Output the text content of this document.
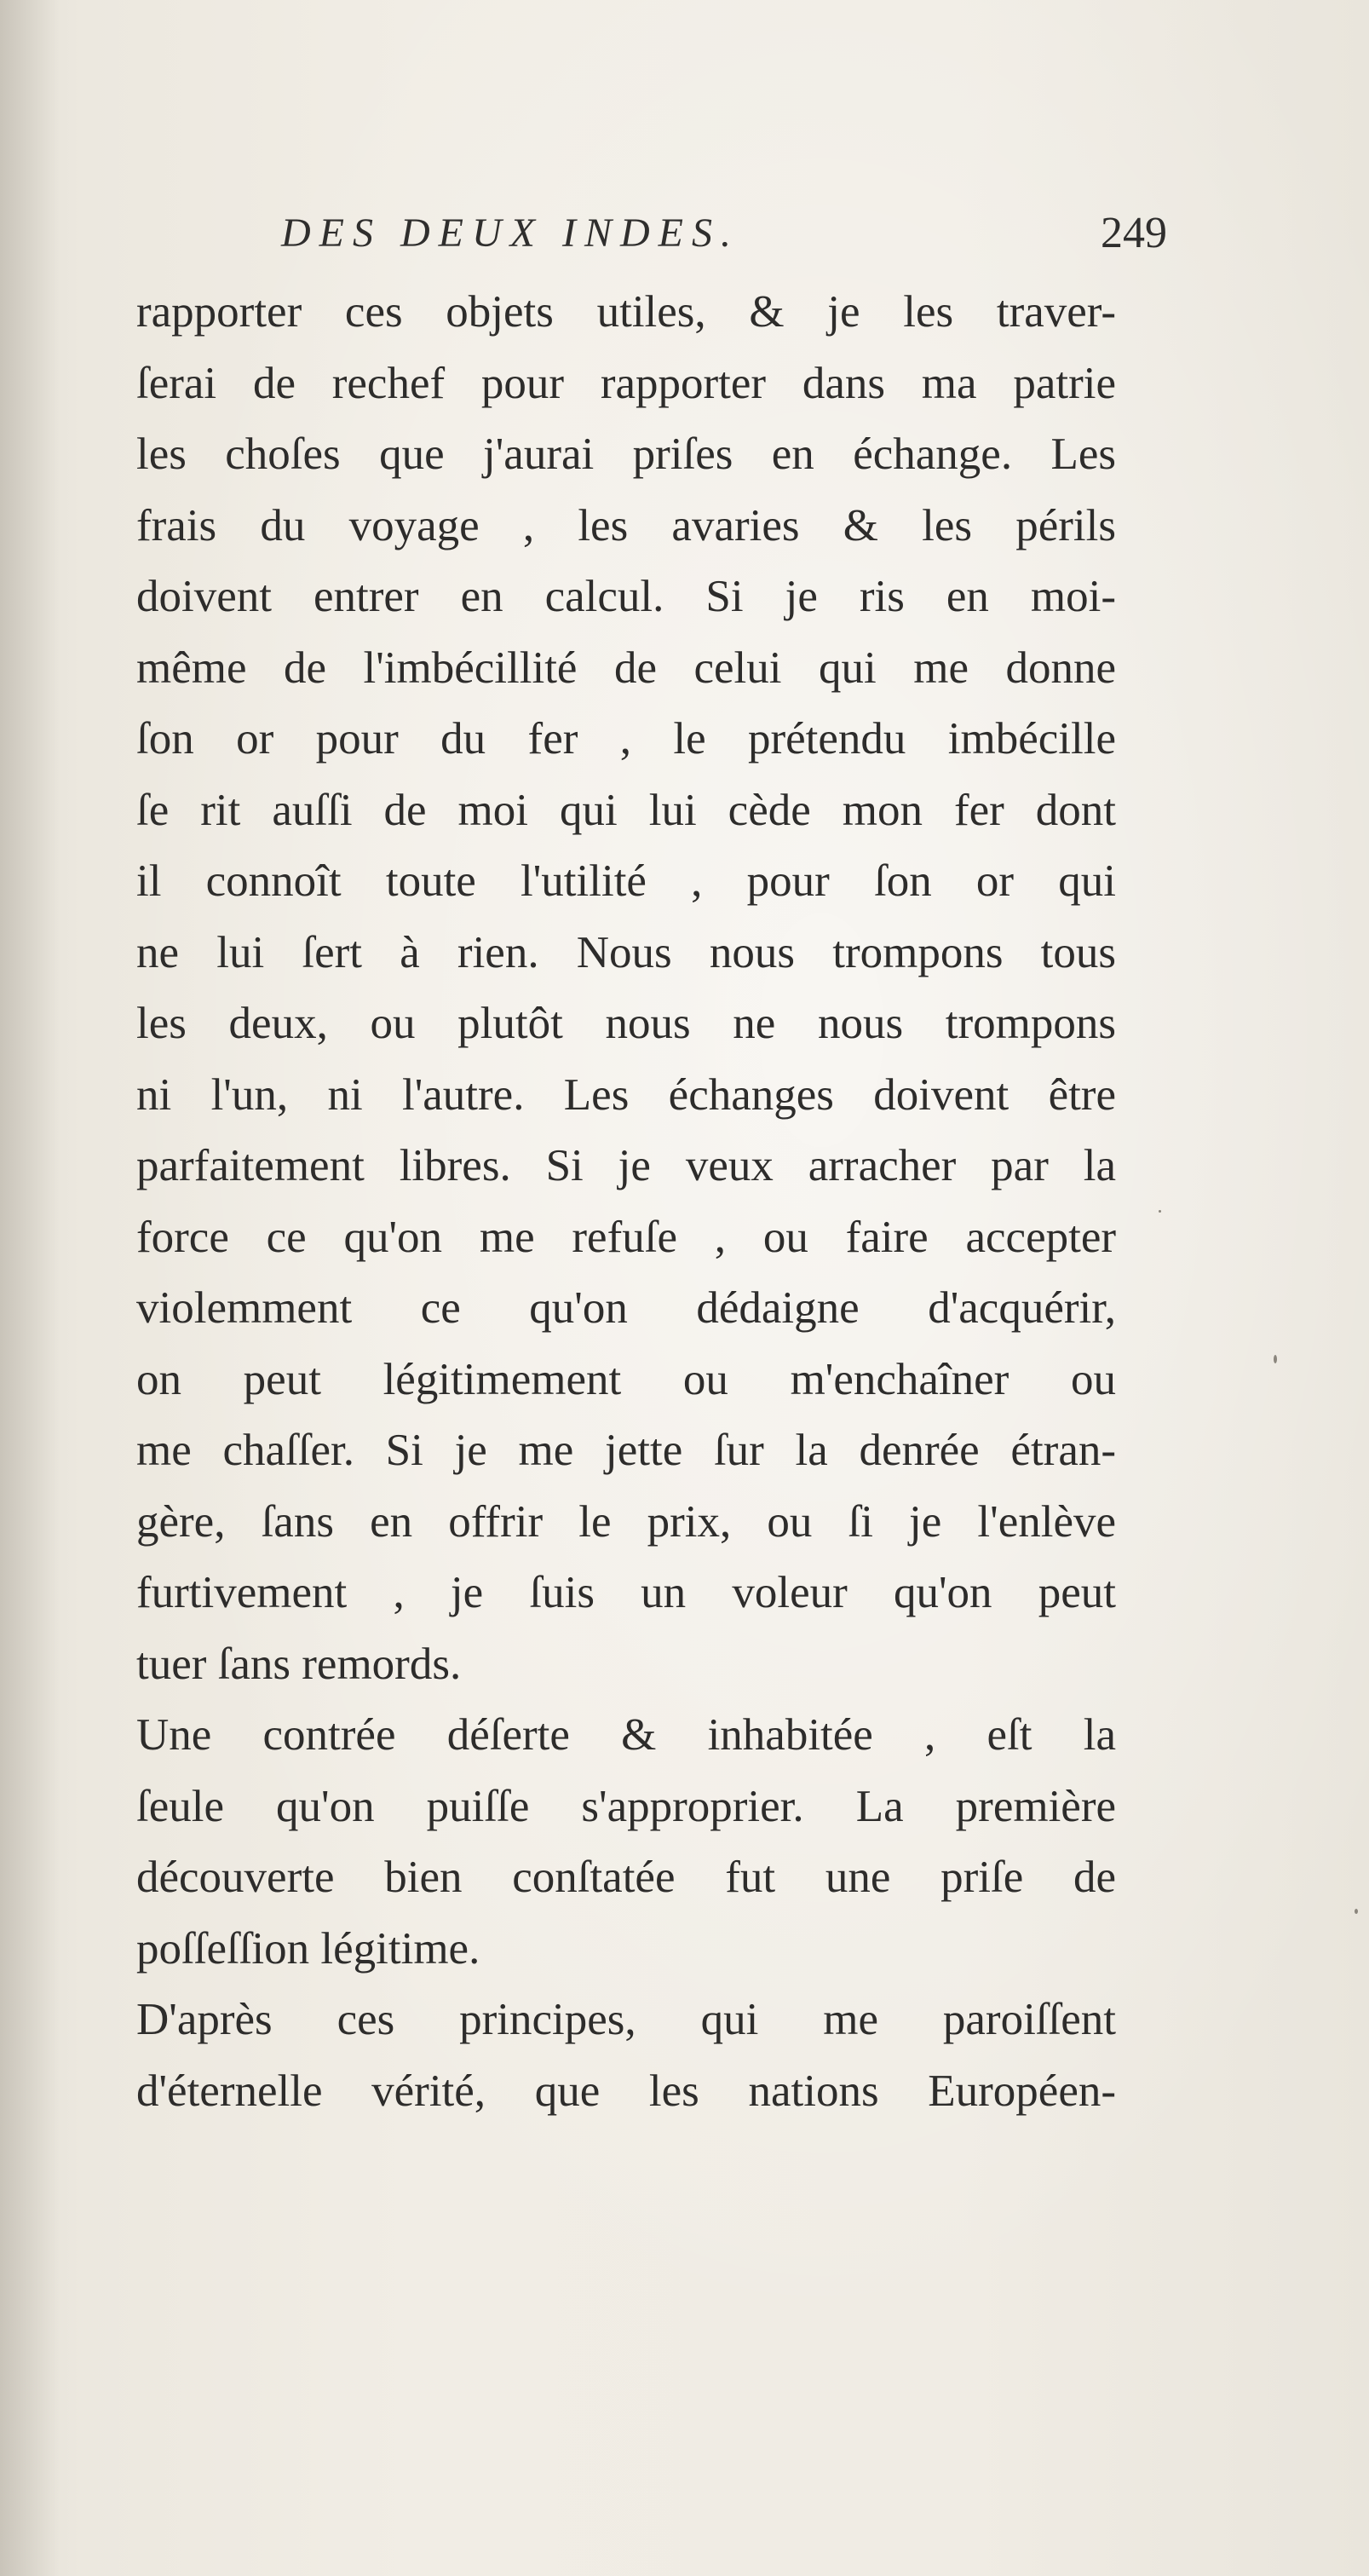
DES DEUX INDES.	249
rapporter ces objets utiles, & je les traver-
ſerai de rechef pour rapporter dans ma patrie
les choſes que j'aurai priſes en échange. Les
frais du voyage , les avaries & les périls
doivent entrer en calcul. Si je ris en moi-
même de l'imbécillité de celui qui me donne
ſon or pour du fer , le prétendu imbécille
ſe rit auſſi de moi qui lui cède mon fer dont
il connoît toute l'utilité , pour ſon or qui
ne lui ſert à rien. Nous nous trompons tous
les deux, ou plutôt nous ne nous trompons
ni l'un, ni l'autre. Les échanges doivent être
parfaitement libres. Si je veux arracher par la
force ce qu'on me refuſe , ou faire accepter
violemment ce qu'on dédaigne d'acquérir,
on peut légitimement ou m'enchaîner ou
me chaſſer. Si je me jette ſur la denrée étran-
gère, ſans en offrir le prix, ou ſi je l'enlève
furtivement , je ſuis un voleur qu'on peut
tuer ſans remords.
Une contrée déſerte & inhabitée , eſt la
ſeule qu'on puiſſe s'approprier. La première
découverte bien conſtatée fut une priſe de
poſſeſſion légitime.
D'après ces principes, qui me paroiſſent
d'éternelle vérité, que les nations Européen-
